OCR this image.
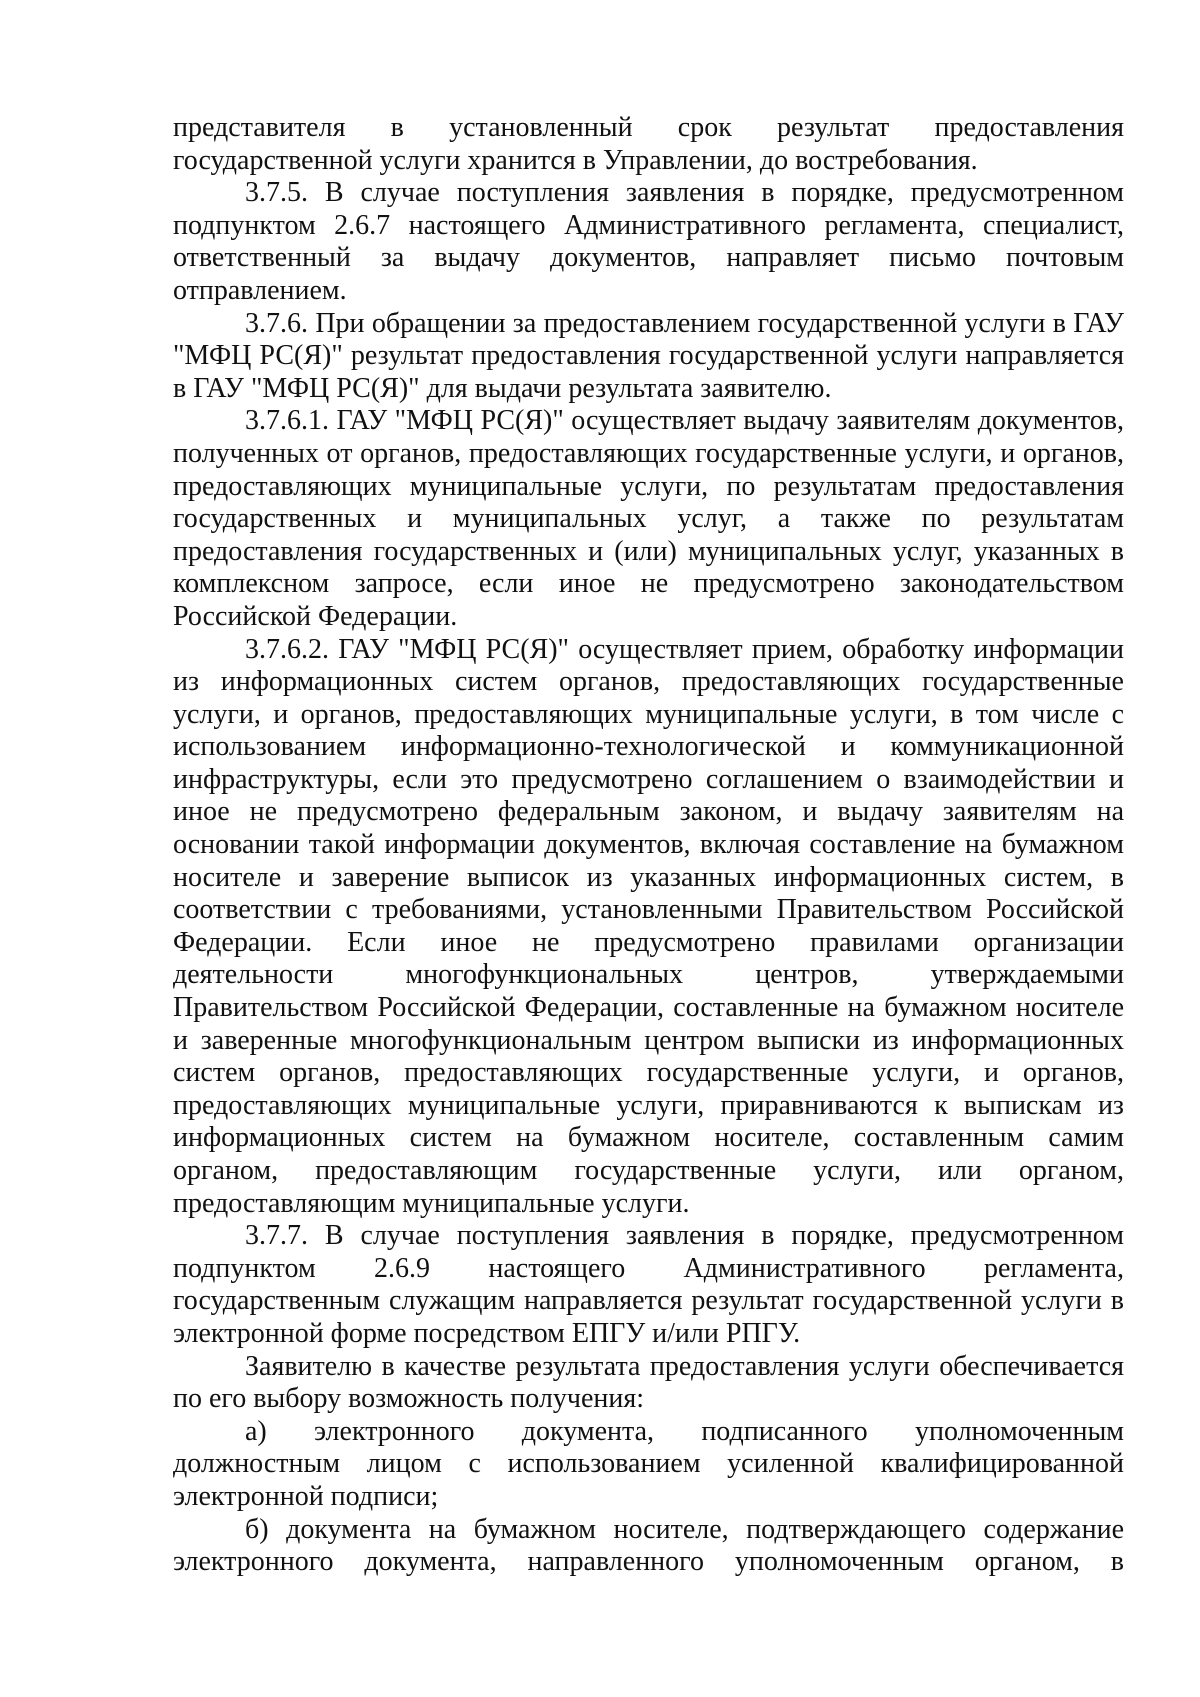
представителя в установленный срок результат предоставления государственной услуги хранится в Управлении, до востребования.

3.7.5. В случае поступления заявления в порядке, предусмотренном подпунктом 2.6.7 настоящего Административного регламента, специалист, ответственный за выдачу документов, направляет письмо почтовым отправлением.

3.7.6. При обращении за предоставлением государственной услуги в ГАУ "МФЦ РС(Я)" результат предоставления государственной услуги направляется в ГАУ "МФЦ РС(Я)" для выдачи результата заявителю.

3.7.6.1. ГАУ "МФЦ РС(Я)" осуществляет выдачу заявителям документов, полученных от органов, предоставляющих государственные услуги, и органов, предоставляющих муниципальные услуги, по результатам предоставления государственных и муниципальных услуг, а также по результатам предоставления государственных и (или) муниципальных услуг, указанных в комплексном запросе, если иное не предусмотрено законодательством Российской Федерации.

3.7.6.2. ГАУ "МФЦ РС(Я)" осуществляет прием, обработку информации из информационных систем органов, предоставляющих государственные услуги, и органов, предоставляющих муниципальные услуги, в том числе с использованием информационно-технологической и коммуникационной инфраструктуры, если это предусмотрено соглашением о взаимодействии и иное не предусмотрено федеральным законом, и выдачу заявителям на основании такой информации документов, включая составление на бумажном носителе и заверение выписок из указанных информационных систем, в соответствии с требованиями, установленными Правительством Российской Федерации. Если иное не предусмотрено правилами организации деятельности многофункциональных центров, утверждаемыми Правительством Российской Федерации, составленные на бумажном носителе и заверенные многофункциональным центром выписки из информационных систем органов, предоставляющих государственные услуги, и органов, предоставляющих муниципальные услуги, приравниваются к выпискам из информационных систем на бумажном носителе, составленным самим органом, предоставляющим государственные услуги, или органом, предоставляющим муниципальные услуги.

3.7.7. В случае поступления заявления в порядке, предусмотренном подпунктом 2.6.9 настоящего Административного регламента, государственным служащим направляется результат государственной услуги в электронной форме посредством ЕПГУ и/или РПГУ.

Заявителю в качестве результата предоставления услуги обеспечивается по его выбору возможность получения:

а) электронного документа, подписанного уполномоченным должностным лицом с использованием усиленной квалифицированной электронной подписи;

б) документа на бумажном носителе, подтверждающего содержание электронного документа, направленного уполномоченным органом, в
